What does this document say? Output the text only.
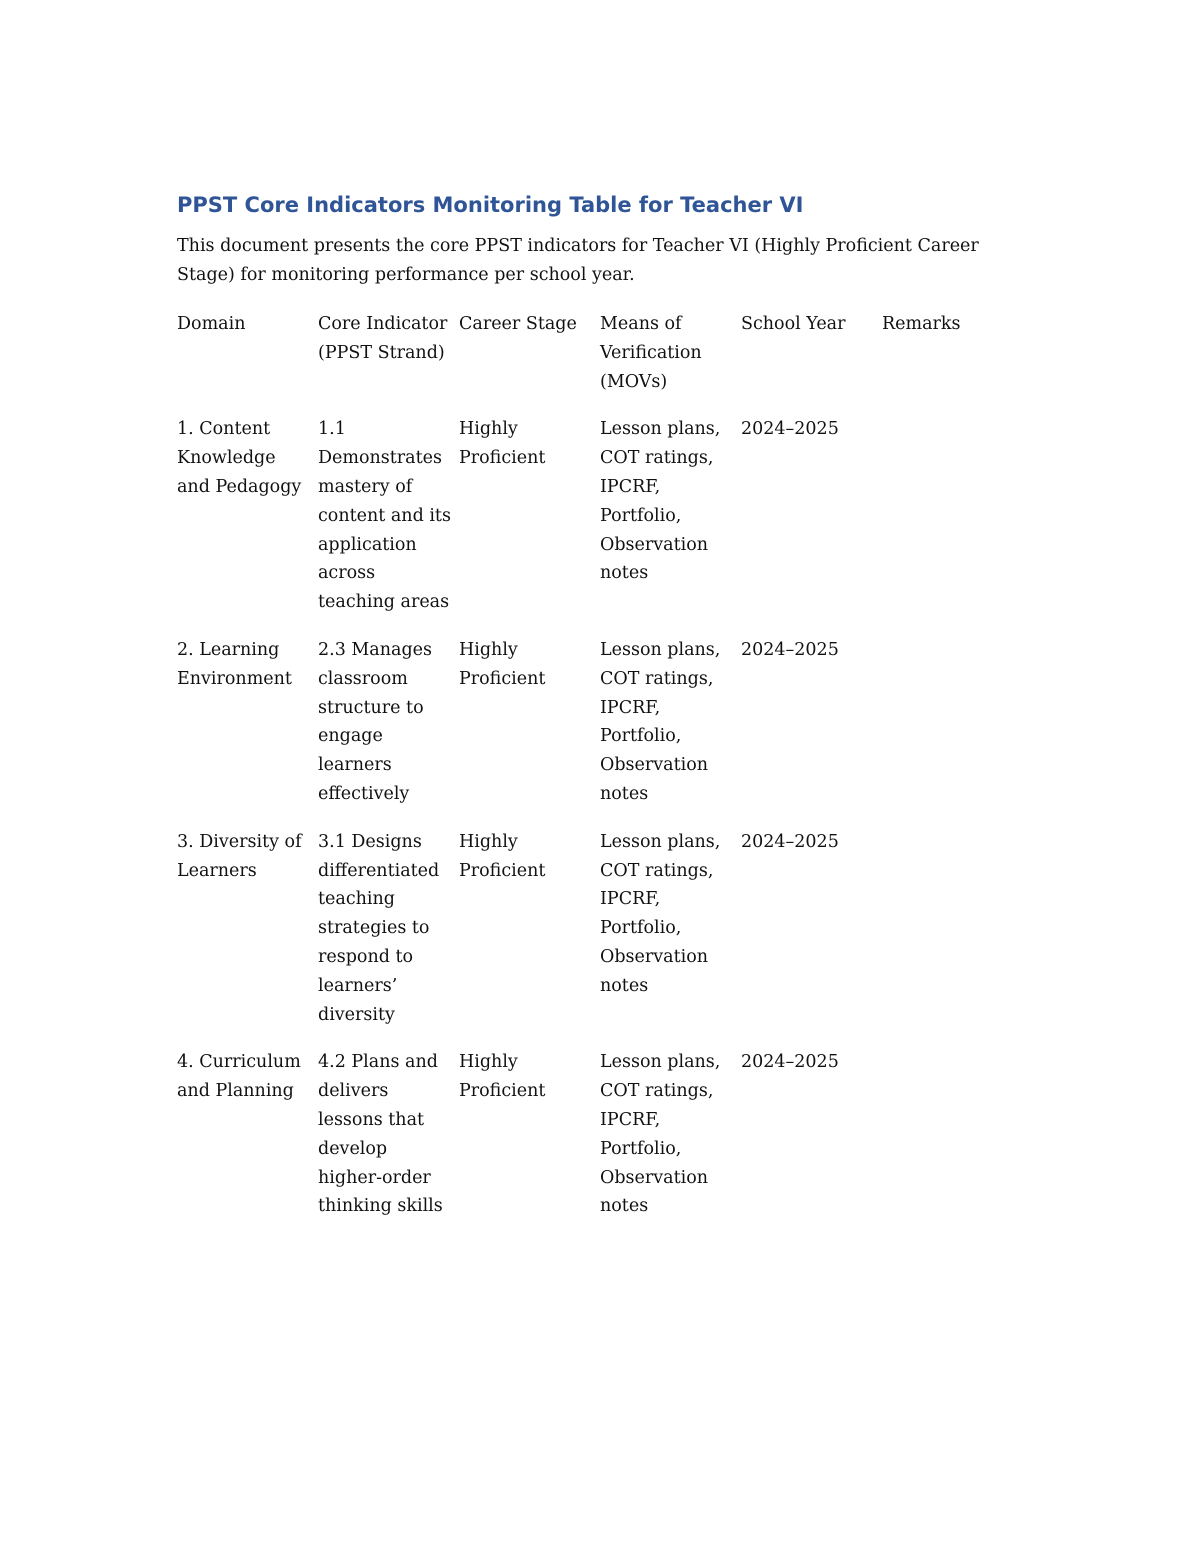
PPST Core Indicators Monitoring Table for Teacher VI

This document presents the core PPST indicators for Teacher VI (Highly Proficient Career Stage) for monitoring performance per school year.

Domain	Core Indicator (PPST Strand)	Career Stage	Means of Verification (MOVs)	School Year	Remarks
1. Content Knowledge and Pedagogy	1.1 Demonstrates mastery of content and its application across teaching areas	Highly Proficient	Lesson plans, COT ratings, IPCRF, Portfolio, Observation notes	2024–2025	
2. Learning Environment	2.3 Manages classroom structure to engage learners effectively	Highly Proficient	Lesson plans, COT ratings, IPCRF, Portfolio, Observation notes	2024–2025	
3. Diversity of Learners	3.1 Designs differentiated teaching strategies to respond to learners’ diversity	Highly Proficient	Lesson plans, COT ratings, IPCRF, Portfolio, Observation notes	2024–2025	
4. Curriculum and Planning	4.2 Plans and delivers lessons that develop higher-order thinking skills	Highly Proficient	Lesson plans, COT ratings, IPCRF, Portfolio, Observation notes	2024–2025	
